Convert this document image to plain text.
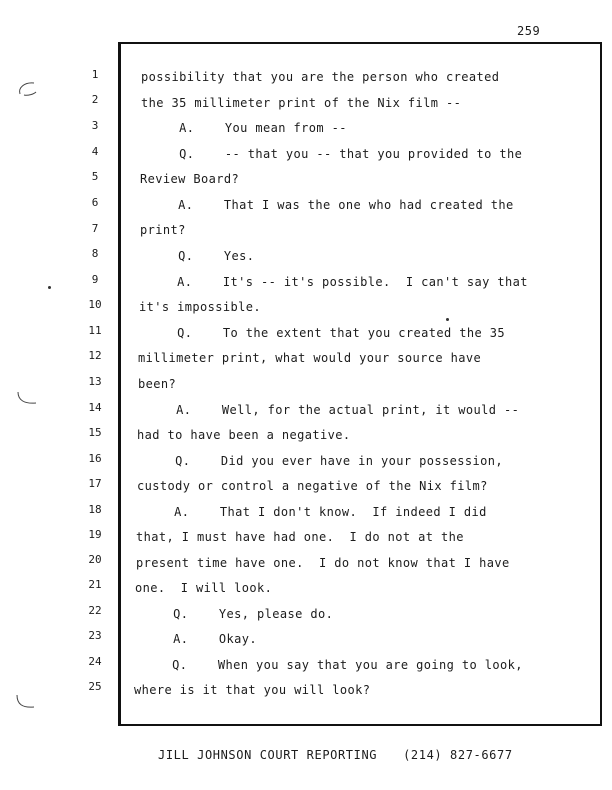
259
1
2
3
4
5
6
7
8
9
10
11
12
13
14
15
16
17
18
19
20
21
22
23
24
25
possibility that you are the person who created
the 35 millimeter print of the Nix film --
A.    You mean from --
Q.    -- that you -- that you provided to the
Review Board?
A.    That I was the one who had created the
print?
Q.    Yes.
A.    It's -- it's possible.  I can't say that
it's impossible.
Q.    To the extent that you created the 35
millimeter print, what would your source have
been?
A.    Well, for the actual print, it would --
had to have been a negative.
Q.    Did you ever have in your possession,
custody or control a negative of the Nix film?
A.    That I don't know.  If indeed I did
that, I must have had one.  I do not at the
present time have one.  I do not know that I have
one.  I will look.
Q.    Yes, please do.
A.    Okay.
Q.    When you say that you are going to look,
where is it that you will look?
JILL JOHNSON COURT REPORTING (214) 827-6677
